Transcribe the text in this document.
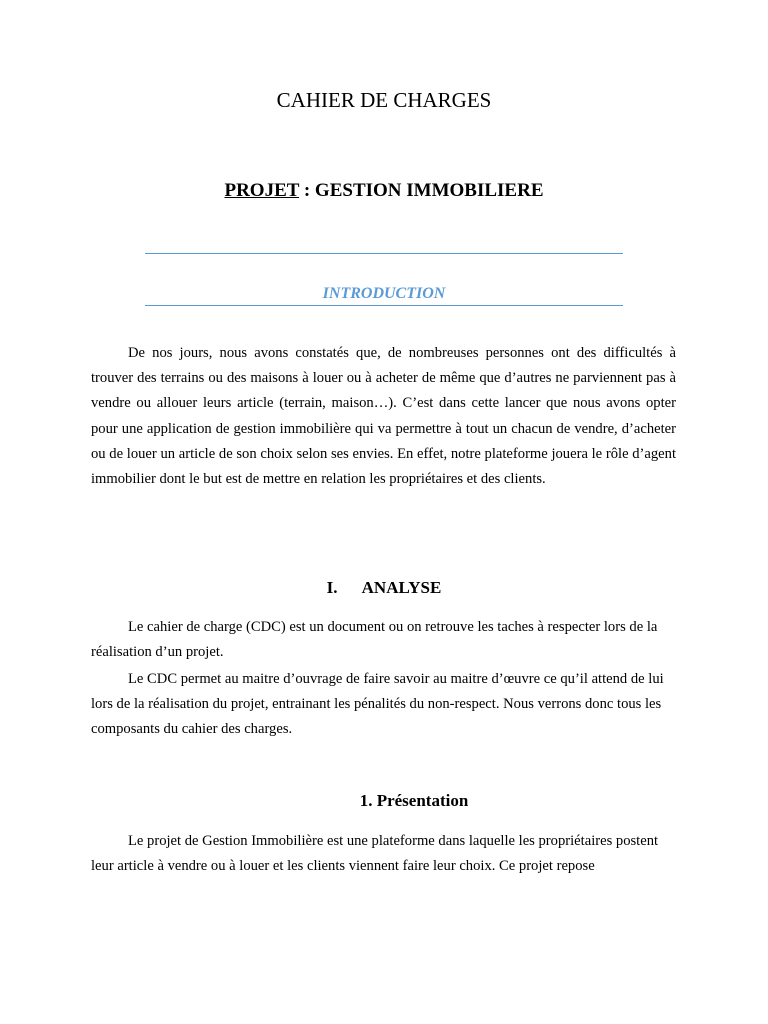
CAHIER DE CHARGES
PROJET : GESTION IMMOBILIERE
INTRODUCTION

De nos jours, nous avons constatés que, de nombreuses personnes ont des difficultés à trouver des terrains ou des maisons à louer ou à acheter de même que d’autres ne parviennent pas à vendre ou allouer leurs article (terrain, maison…). C’est dans cette lancer que nous avons opter pour une application de gestion immobilière qui va permettre à tout un chacun de vendre, d’acheter ou de louer un article de son choix selon ses envies. En effet, notre plateforme jouera le rôle d’agent immobilier dont le but est de mettre en relation les propriétaires et des clients.

I. ANALYSE

Le cahier de charge (CDC) est un document ou on retrouve les taches à respecter lors de la réalisation d’un projet.

Le CDC permet au maitre d’ouvrage de faire savoir au maitre d’œuvre ce qu’il attend de lui lors de la réalisation du projet, entrainant les pénalités du non-respect. Nous verrons donc tous les composants du cahier des charges.

1. Présentation

Le projet de Gestion Immobilière est une plateforme dans laquelle les propriétaires postent leur article à vendre ou à louer et les clients viennent faire leur choix. Ce projet repose
